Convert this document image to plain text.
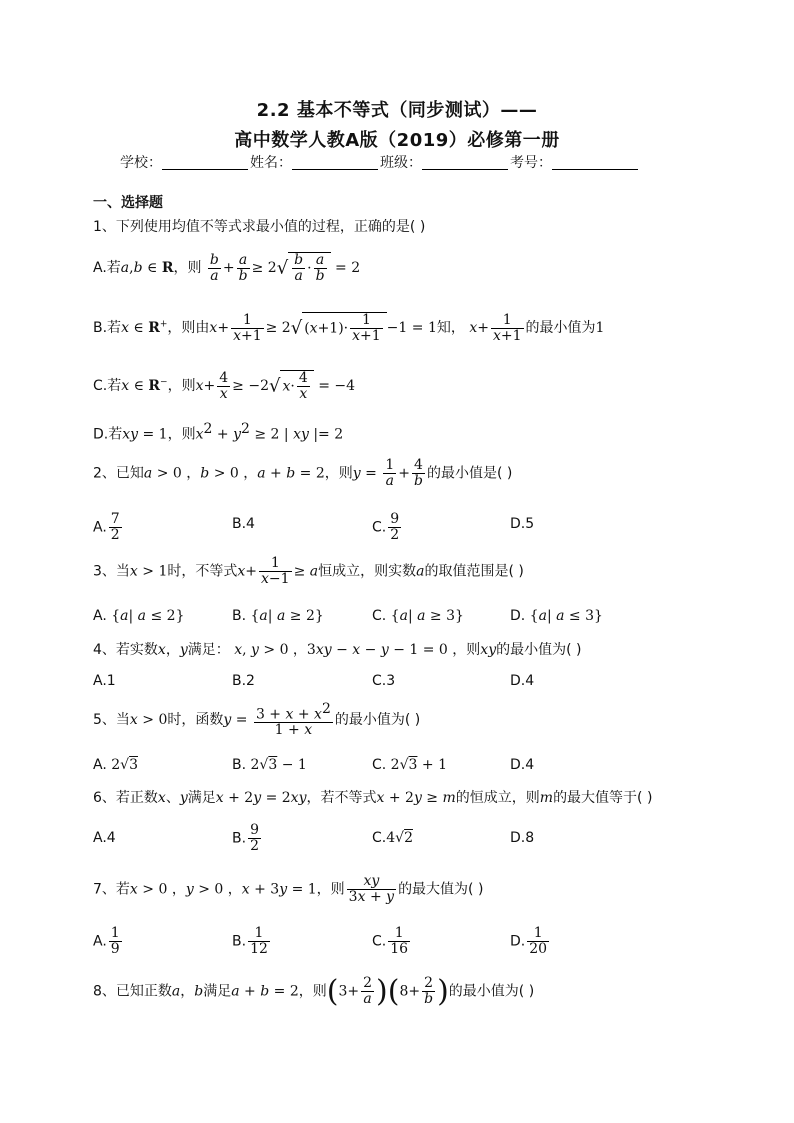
2.2 基本不等式（同步测试）——
高中数学人教A版（2019）必修第一册
学校：	姓名：	班级：	考号：
一、选择题
1、下列使用均值不等式求最小值的过程，正确的是( )
A.若a,b ∈ R，则 $\frac{b}{a} + \frac{a}{b} \ge 2√ \frac{b}{a} \cdot \frac{a}{b} = 2$
B.若x ∈ R+，则由$x+ \frac{1}{x+1} \ge 2√$ $(x+1)\cdot \frac{1}{x+1} -1 = 1$知， $x+ \frac{1}{x+1}$ 的最小值为1
C.若x ∈ R−，则$x+ \frac{4}{x} \ge -2√$ $x\cdot \frac{4}{x} = -4$
D.若xy = 1，则$x^2 + y^2 \ge 2$ | xy |= 2
2、已知a > 0 ，b > 0 ，a + b = 2，则$y = \frac{1}{a} + \frac{4}{b}$ 的最小值是( )
A. $\frac{7}{2}$	B.4	C. $\frac{9}{2}$	D.5
3、当x > 1时，不等式$x+ \frac{1}{x-1} \ge a$恒成立，则实数a的取值范围是( )
A. {a| a ≤ 2}	B. {a| a ≥ 2}	C. {a| a ≥ 3}	D. {a| a ≤ 3}
4、若实数x，y满足： x, y > 0 ，3xy − x − y − 1 = 0 ，则xy的最小值为( )
A.1	B.2	C.3	D.4
5、当x > 0时，函数$y = \frac{3 + x + x^2}{1 + x}$ 的最小值为( )
A. 2√3	B. 2√3 − 1	C. 2√3 + 1	D.4
6、若正数x、y满足x + 2y = 2xy，若不等式x + 2y ≥ m的恒成立，则m的最大值等于( )
A.4	B. $\frac{9}{2}$	C.4√2	D.8
7、若x > 0 ，y > 0 ，x + 3y = 1，则 $\frac{xy}{3x + y}$ 的最大值为( )
A. $\frac{1}{9}$	B. $\frac{1}{12}$	C. $\frac{1}{16}$	D. $\frac{1}{20}$
8、已知正数a，b满足a + b = 2，则$(3+ \frac{2}{a} )(8+ \frac{2}{b}$ )的最小值为( )
